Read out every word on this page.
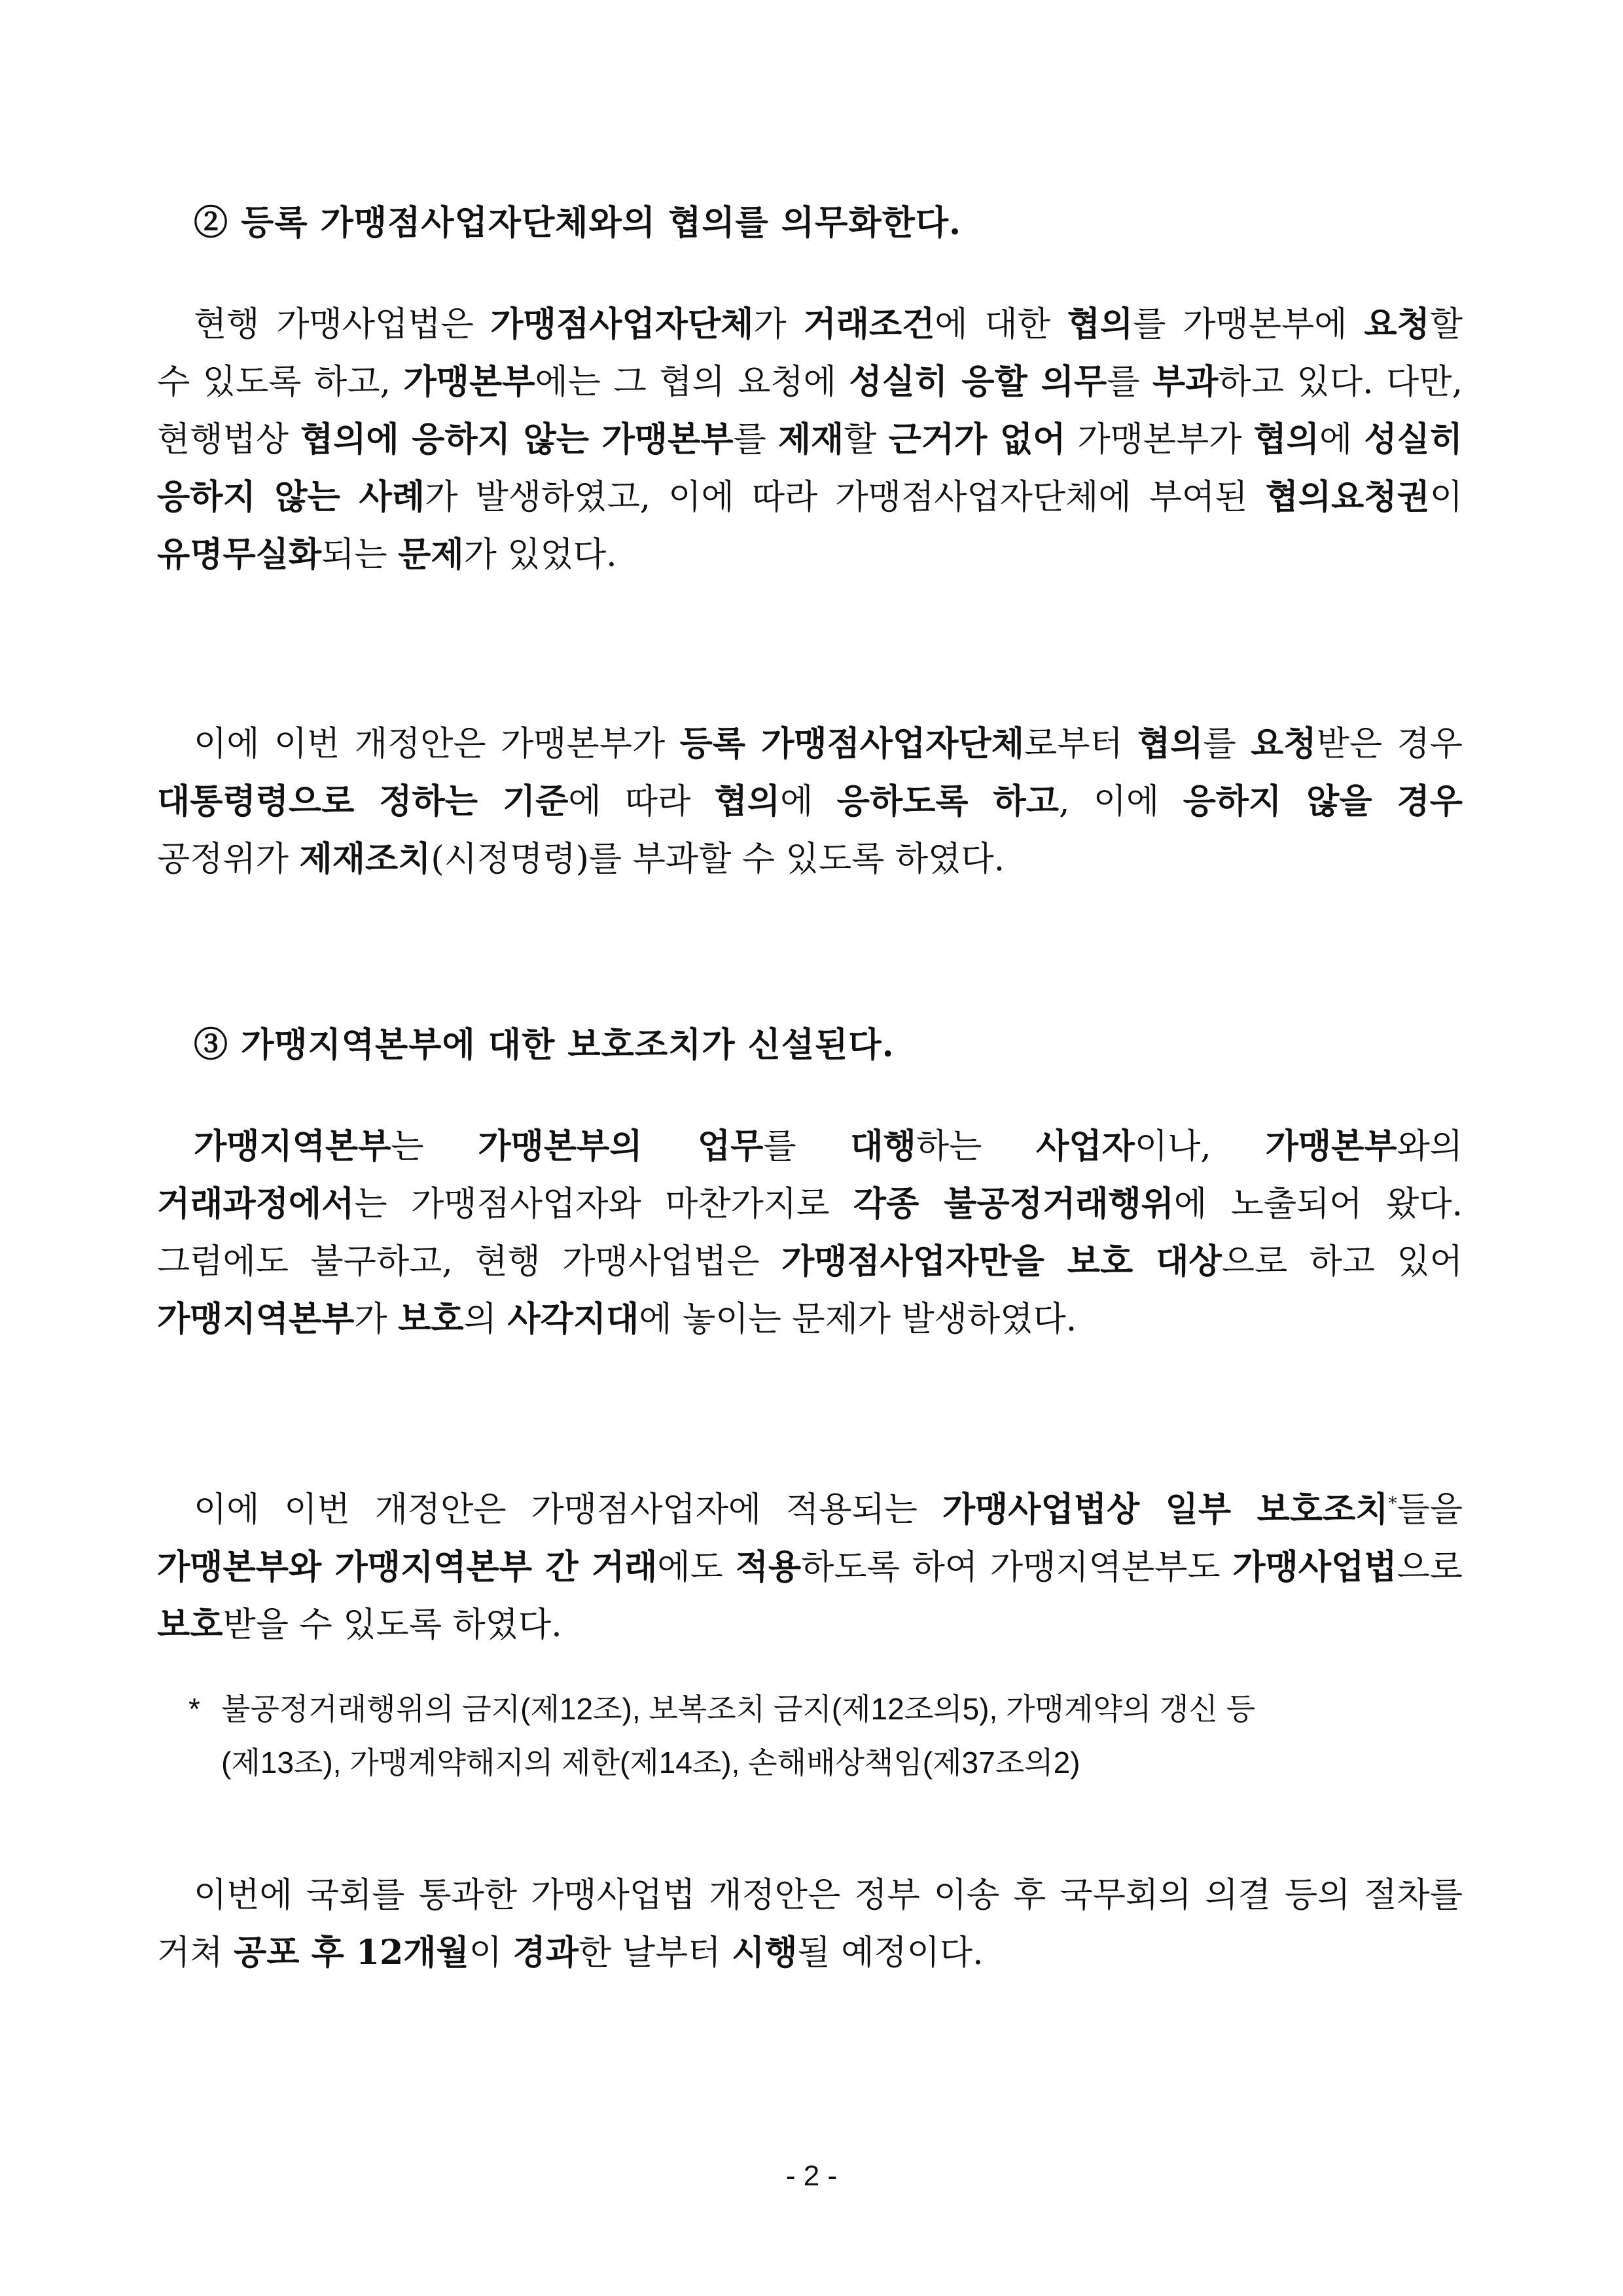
② 등록 가맹점사업자단체와의 협의를 의무화한다.

현행 가맹사업법은 가맹점사업자단체가 거래조건에 대한 협의를 가맹본부에 요청할 수 있도록 하고, 가맹본부에는 그 협의 요청에 성실히 응할 의무를 부과하고 있다. 다만, 현행법상 협의에 응하지 않는 가맹본부를 제재할 근거가 없어 가맹본부가 협의에 성실히 응하지 않는 사례가 발생하였고, 이에 따라 가맹점사업자단체에 부여된 협의요청권이 유명무실화되는 문제가 있었다.

이에 이번 개정안은 가맹본부가 등록 가맹점사업자단체로부터 협의를 요청받은 경우 대통령령으로 정하는 기준에 따라 협의에 응하도록 하고, 이에 응하지 않을 경우 공정위가 제재조치(시정명령)를 부과할 수 있도록 하였다.

③ 가맹지역본부에 대한 보호조치가 신설된다.

가맹지역본부는 가맹본부의 업무를 대행하는 사업자이나, 가맹본부와의 거래과정에서는 가맹점사업자와 마찬가지로 각종 불공정거래행위에 노출되어 왔다. 그럼에도 불구하고, 현행 가맹사업법은 가맹점사업자만을 보호 대상으로 하고 있어 가맹지역본부가 보호의 사각지대에 놓이는 문제가 발생하였다.

이에 이번 개정안은 가맹점사업자에 적용되는 가맹사업법상 일부 보호조치*들을 가맹본부와 가맹지역본부 간 거래에도 적용하도록 하여 가맹지역본부도 가맹사업법으로 보호받을 수 있도록 하였다.

* 불공정거래행위의 금지(제12조), 보복조치 금지(제12조의5), 가맹계약의 갱신 등
(제13조), 가맹계약해지의 제한(제14조), 손해배상책임(제37조의2)

이번에 국회를 통과한 가맹사업법 개정안은 정부 이송 후 국무회의 의결 등의 절차를 거쳐 공포 후 12개월이 경과한 날부터 시행될 예정이다.

- 2 -
